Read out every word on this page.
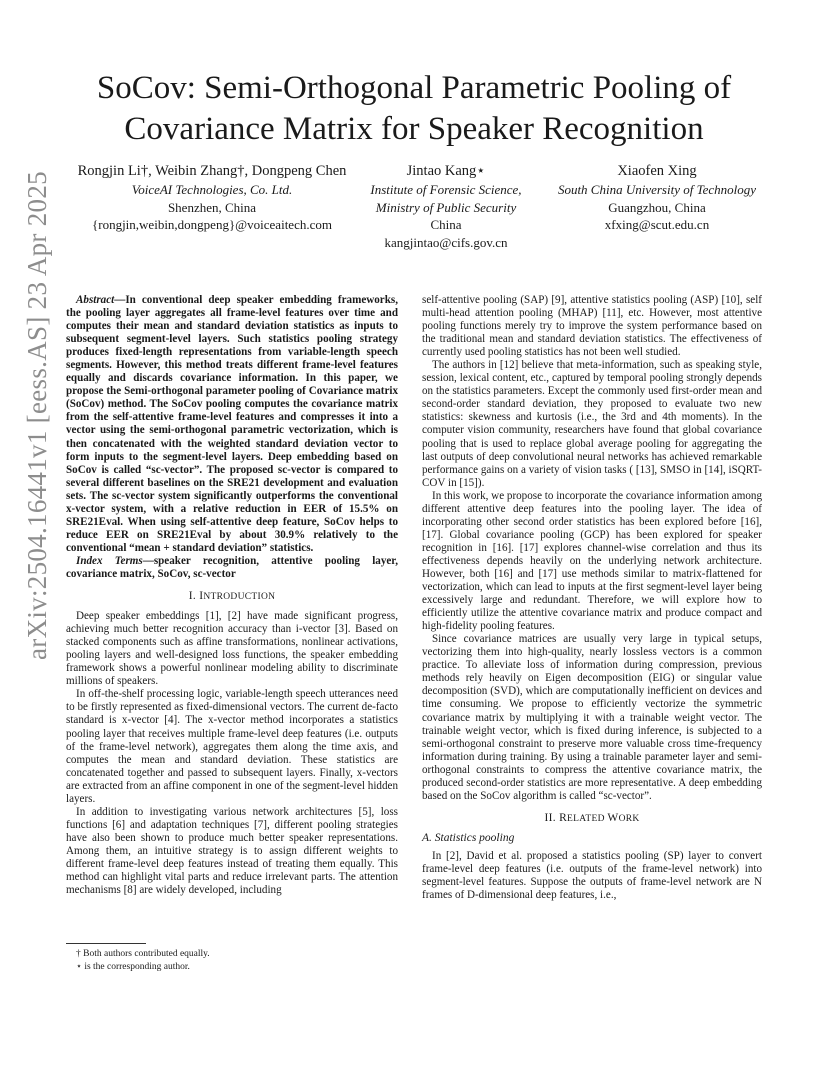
arXiv:2504.16441v1 [eess.AS] 23 Apr 2025
SoCov: Semi-Orthogonal Parametric Pooling of
Covariance Matrix for Speaker Recognition
Rongjin Li†, Weibin Zhang†, Dongpeng Chen
VoiceAI Technologies, Co. Ltd.
Shenzhen, China
{rongjin,weibin,dongpeng}@voiceaitech.com
Jintao Kang⋆
Institute of Forensic Science,
Ministry of Public Security
China
kangjintao@cifs.gov.cn
Xiaofen Xing
South China University of Technology
Guangzhou, China
xfxing@scut.edu.cn

Abstract—In conventional deep speaker embedding frameworks, the pooling layer aggregates all frame-level features over time and computes their mean and standard deviation statistics as inputs to subsequent segment-level layers. Such statistics pooling strategy produces fixed-length representations from variable-length speech segments. However, this method treats different frame-level features equally and discards covariance information. In this paper, we propose the Semi-orthogonal parameter pooling of Covariance matrix (SoCov) method. The SoCov pooling computes the covariance matrix from the self-attentive frame-level features and compresses it into a vector using the semi-orthogonal parametric vectorization, which is then concatenated with the weighted standard deviation vector to form inputs to the segment-level layers. Deep embedding based on SoCov is called “sc-vector”. The proposed sc-vector is compared to several different baselines on the SRE21 development and evaluation sets. The sc-vector system significantly outperforms the conventional x-vector system, with a relative reduction in EER of 15.5% on SRE21Eval. When using self-attentive deep feature, SoCov helps to reduce EER on SRE21Eval by about 30.9% relatively to the conventional “mean + standard deviation” statistics.

Index Terms—speaker recognition, attentive pooling layer, covariance matrix, SoCov, sc-vector

I. INTRODUCTION

Deep speaker embeddings [1], [2] have made significant progress, achieving much better recognition accuracy than i-vector [3]. Based on stacked components such as affine transformations, nonlinear activations, pooling layers and well-designed loss functions, the speaker embedding framework shows a powerful nonlinear modeling ability to discriminate millions of speakers.

In off-the-shelf processing logic, variable-length speech utterances need to be firstly represented as fixed-dimensional vectors. The current de-facto standard is x-vector [4]. The x-vector method incorporates a statistics pooling layer that receives multiple frame-level deep features (i.e. outputs of the frame-level network), aggregates them along the time axis, and computes the mean and standard deviation. These statistics are concatenated together and passed to subsequent layers. Finally, x-vectors are extracted from an affine component in one of the segment-level hidden layers.

In addition to investigating various network architectures [5], loss functions [6] and adaptation techniques [7], different pooling strategies have also been shown to produce much better speaker representations. Among them, an intuitive strategy is to assign different weights to different frame-level deep features instead of treating them equally. This method can highlight vital parts and reduce irrelevant parts. The attention mechanisms [8] are widely developed, including

† Both authors contributed equally.
⋆ is the corresponding author.

self-attentive pooling (SAP) [9], attentive statistics pooling (ASP) [10], self multi-head attention pooling (MHAP) [11], etc. However, most attentive pooling functions merely try to improve the system performance based on the traditional mean and standard deviation statistics. The effectiveness of currently used pooling statistics has not been well studied.

The authors in [12] believe that meta-information, such as speaking style, session, lexical content, etc., captured by temporal pooling strongly depends on the statistics parameters. Except the commonly used first-order mean and second-order standard deviation, they proposed to evaluate two new statistics: skewness and kurtosis (i.e., the 3rd and 4th moments). In the computer vision community, researchers have found that global covariance pooling that is used to replace global average pooling for aggregating the last outputs of deep convolutional neural networks has achieved remarkable performance gains on a variety of vision tasks ( [13], SMSO in [14], iSQRT-COV in [15]).

In this work, we propose to incorporate the covariance information among different attentive deep features into the pooling layer. The idea of incorporating other second order statistics has been explored before [16], [17]. Global covariance pooling (GCP) has been explored for speaker recognition in [16]. [17] explores channel-wise correlation and thus its effectiveness depends heavily on the underlying network architecture. However, both [16] and [17] use methods similar to matrix-flattened for vectorization, which can lead to inputs at the first segment-level layer being excessively large and redundant. Therefore, we will explore how to efficiently utilize the attentive covariance matrix and produce compact and high-fidelity pooling features.

Since covariance matrices are usually very large in typical setups, vectorizing them into high-quality, nearly lossless vectors is a common practice. To alleviate loss of information during compression, previous methods rely heavily on Eigen decomposition (EIG) or singular value decomposition (SVD), which are computationally inefficient on devices and time consuming. We propose to efficiently vectorize the symmetric covariance matrix by multiplying it with a trainable weight vector. The trainable weight vector, which is fixed during inference, is subjected to a semi-orthogonal constraint to preserve more valuable cross time-frequency information during training. By using a trainable parameter layer and semi-orthogonal constraints to compress the attentive covariance matrix, the produced second-order statistics are more representative. A deep embedding based on the SoCov algorithm is called “sc-vector”.

II. RELATED WORK
A. Statistics pooling

In [2], David et al. proposed a statistics pooling (SP) layer to convert frame-level deep features (i.e. outputs of the frame-level network) into segment-level features. Suppose the outputs of frame-level network are N frames of D-dimensional deep features, i.e.,
